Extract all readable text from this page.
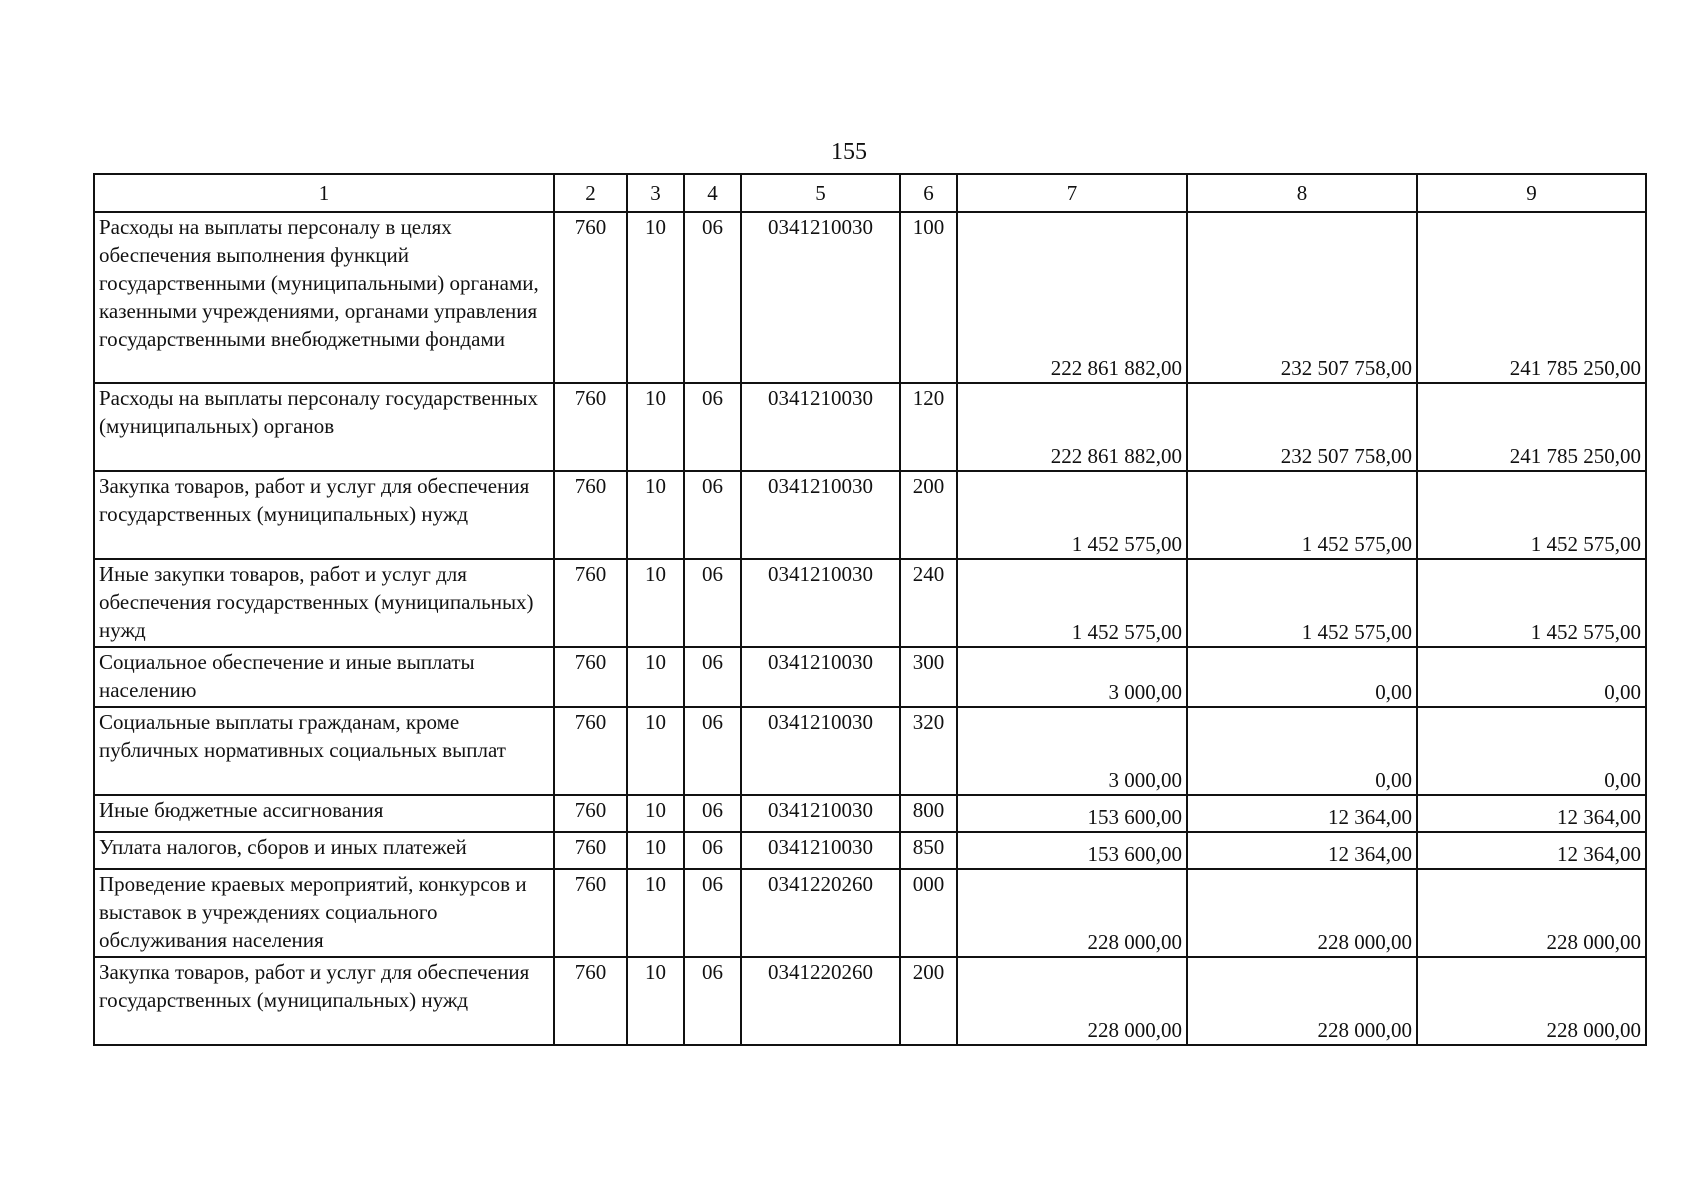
155
1	2	3	4	5	6	7	8	9
Расходы на выплаты персоналу в целях обеспечения выполнения функций государственными (муниципальными) органами, казенными учреждениями, органами управления государственными внебюджетными фондами	760	10	06	0341210030	100	222 861 882,00	232 507 758,00	241 785 250,00
Расходы на выплаты персоналу государственных (муниципальных) органов	760	10	06	0341210030	120	222 861 882,00	232 507 758,00	241 785 250,00
Закупка товаров, работ и услуг для обеспечения государственных (муниципальных) нужд	760	10	06	0341210030	200	1 452 575,00	1 452 575,00	1 452 575,00
Иные закупки товаров, работ и услуг для обеспечения государственных (муниципальных) нужд	760	10	06	0341210030	240	1 452 575,00	1 452 575,00	1 452 575,00
Социальное обеспечение и иные выплаты населению	760	10	06	0341210030	300	3 000,00	0,00	0,00
Социальные выплаты гражданам, кроме публичных нормативных социальных выплат	760	10	06	0341210030	320	3 000,00	0,00	0,00
Иные бюджетные ассигнования	760	10	06	0341210030	800	153 600,00	12 364,00	12 364,00
Уплата налогов, сборов и иных платежей	760	10	06	0341210030	850	153 600,00	12 364,00	12 364,00
Проведение краевых мероприятий, конкурсов и выставок в учреждениях социального обслуживания населения	760	10	06	0341220260	000	228 000,00	228 000,00	228 000,00
Закупка товаров, работ и услуг для обеспечения государственных (муниципальных) нужд	760	10	06	0341220260	200	228 000,00	228 000,00	228 000,00
